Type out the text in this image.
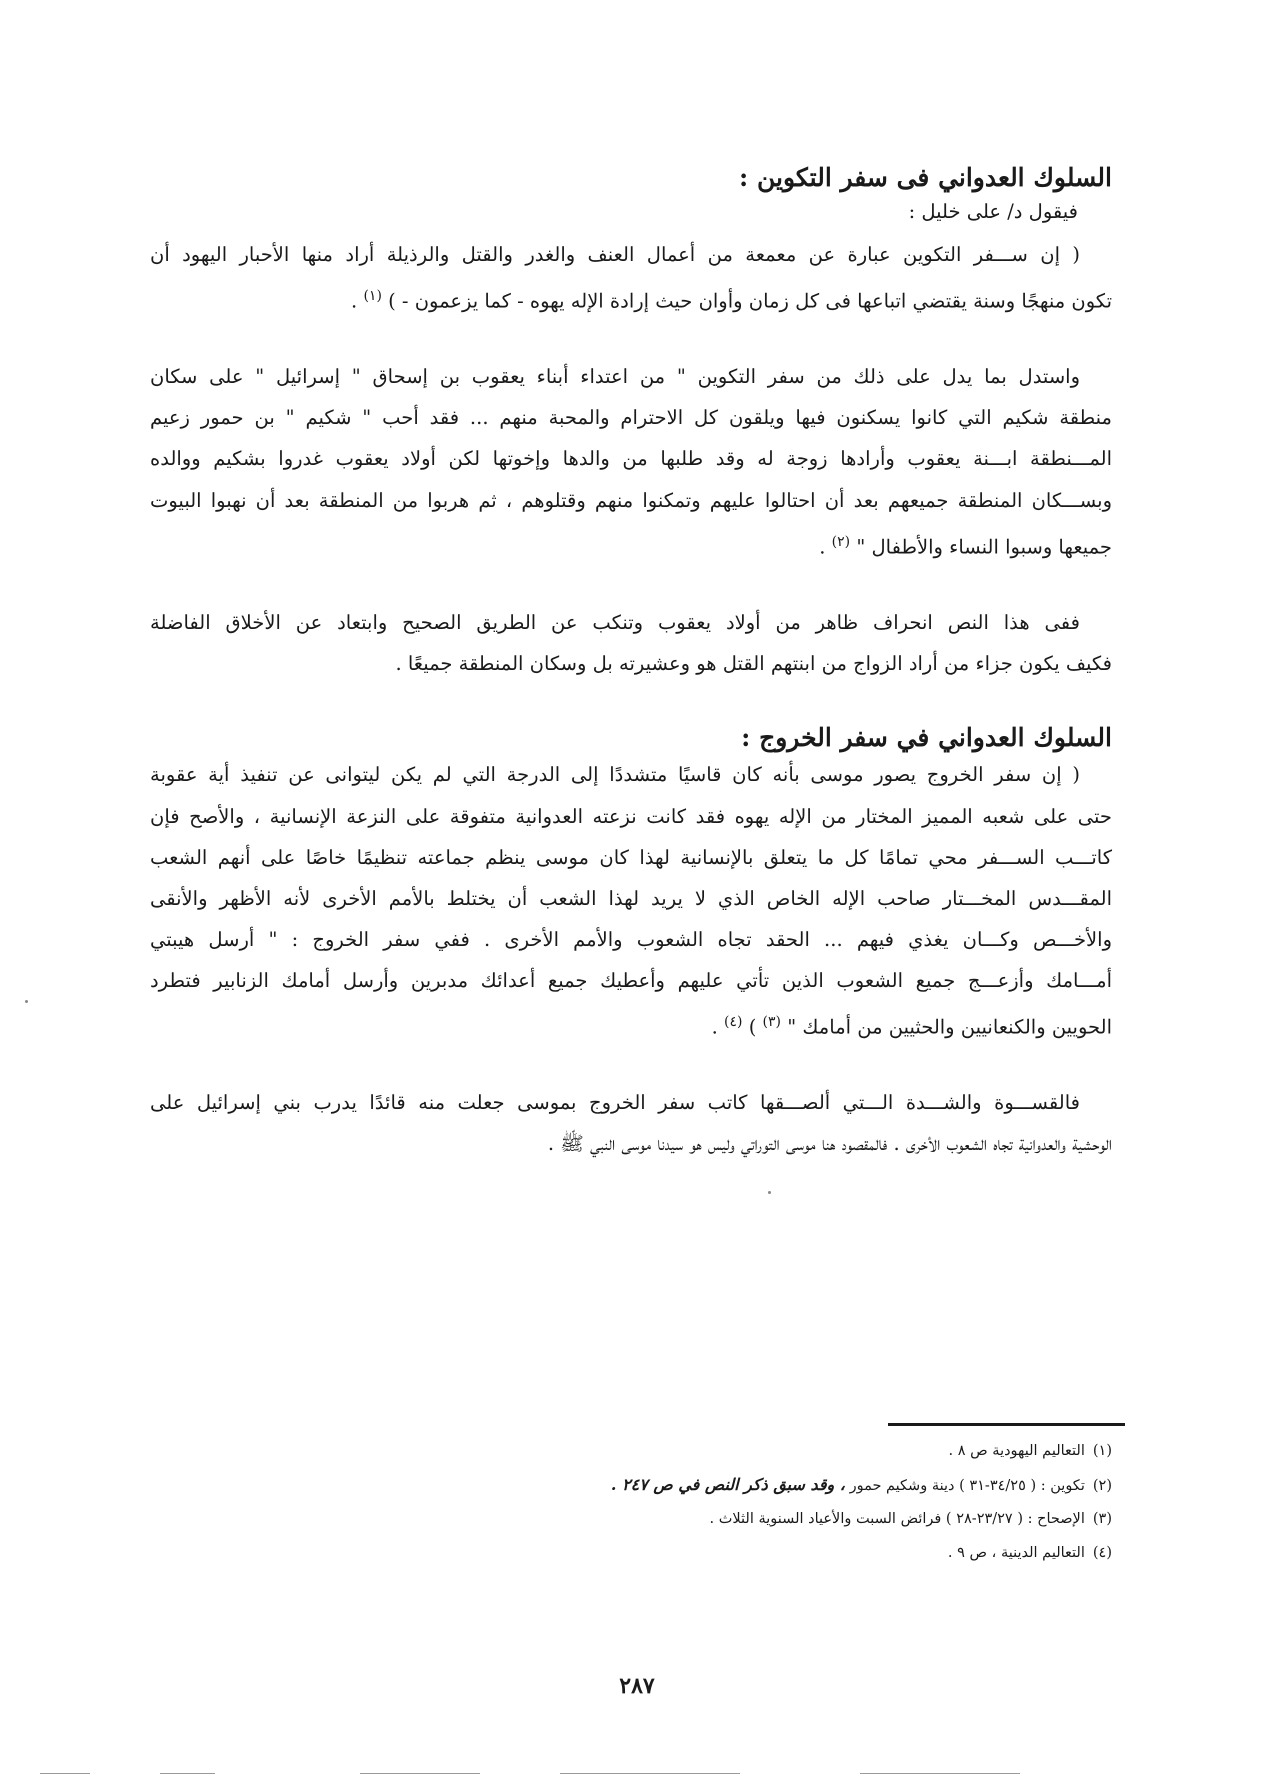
السلوك العدواني فى سفر التكوين :

فيقول د/ على خليل :

( إن ســـفر التكوين عبارة عن معمعة من أعمال العنف والغدر والقتل والرذيلة أراد منها الأحبار اليهود أن

تكون منهجًا وسنة يقتضي اتباعها فى كل زمان وأوان حيث إرادة الإله يهوه - كما يزعمون - ) $^{(١)}$ .

واستدل بما يدل على ذلك من سفر التكوين " من اعتداء أبناء يعقوب بن إسحاق " إسرائيل " على سكان

منطقة شكيم التي كانوا يسكنون فيها ويلقون كل الاحترام والمحبة منهم ... فقد أحب " شكيم " بن حمور زعيم

المـــنطقة ابـــنة يعقوب وأرادها زوجة له وقد طلبها من والدها وإخوتها لكن أولاد يعقوب غدروا بشكيم ووالده

وبســـكان المنطقة جميعهم بعد أن احتالوا عليهم وتمكنوا منهم وقتلوهم ، ثم هربوا من المنطقة بعد أن نهبوا البيوت

جميعها وسبوا النساء والأطفال " $^{(٢)}$ .

ففى هذا النص انحراف ظاهر من أولاد يعقوب وتنكب عن الطريق الصحيح وابتعاد عن الأخلاق الفاضلة

فكيف يكون جزاء من أراد الزواج من ابنتهم القتل هو وعشيرته بل وسكان المنطقة جميعًا .

السلوك العدواني في سفر الخروج :

( إن سفر الخروج يصور موسى بأنه كان قاسيًا متشددًا إلى الدرجة التي لم يكن ليتوانى عن تنفيذ أية عقوبة

حتى على شعبه المميز المختار من الإله يهوه فقد كانت نزعته العدوانية متفوقة على النزعة الإنسانية ، والأصح فإن

كاتـــب الســـفر محي تمامًا كل ما يتعلق بالإنسانية لهذا كان موسى ينظم جماعته تنظيمًا خاصًا على أنهم الشعب

المقـــدس المخـــتار صاحب الإله الخاص الذي لا يريد لهذا الشعب أن يختلط بالأمم الأخرى لأنه الأظهر والأنقى

والأخـــص وكـــان يغذي فيهم ... الحقد تجاه الشعوب والأمم الأخرى . ففي سفر الخروج : " أرسل هيبتي

أمـــامك وأزعـــج جميع الشعوب الذين تأتي عليهم وأعطيك جميع أعدائك مدبرين وأرسل أمامك الزنابير فتطرد

الحويين والكنعانيين والحثيين من أمامك " $^{(٣)}$ ) $^{(٤)}$ .

فالقســـوة والشـــدة الـــتي ألصـــقها كاتب سفر الخروج بموسى جعلت منه قائدًا يدرب بني إسرائيل على

الوحشية والعدوانية تجاه الشعوب الأخرى . فالمقصود هنا موسى التوراتي وليس هو سيدنا موسى النبي ﷺ .

(١)التعاليم اليهودية ص ٨ .
(٢)تكوين : ( ٣٤/٢٥-٣١ ) دينة وشكيم حمور ، وقد سبق ذكر النص في ص ٢٤٧ .
(٣)الإصحاح : ( ٢٣/٢٧-٢٨ ) فرائض السبت والأعياد السنوية الثلاث .
(٤)التعاليم الدينية ، ص ٩ .
٢٨٧
